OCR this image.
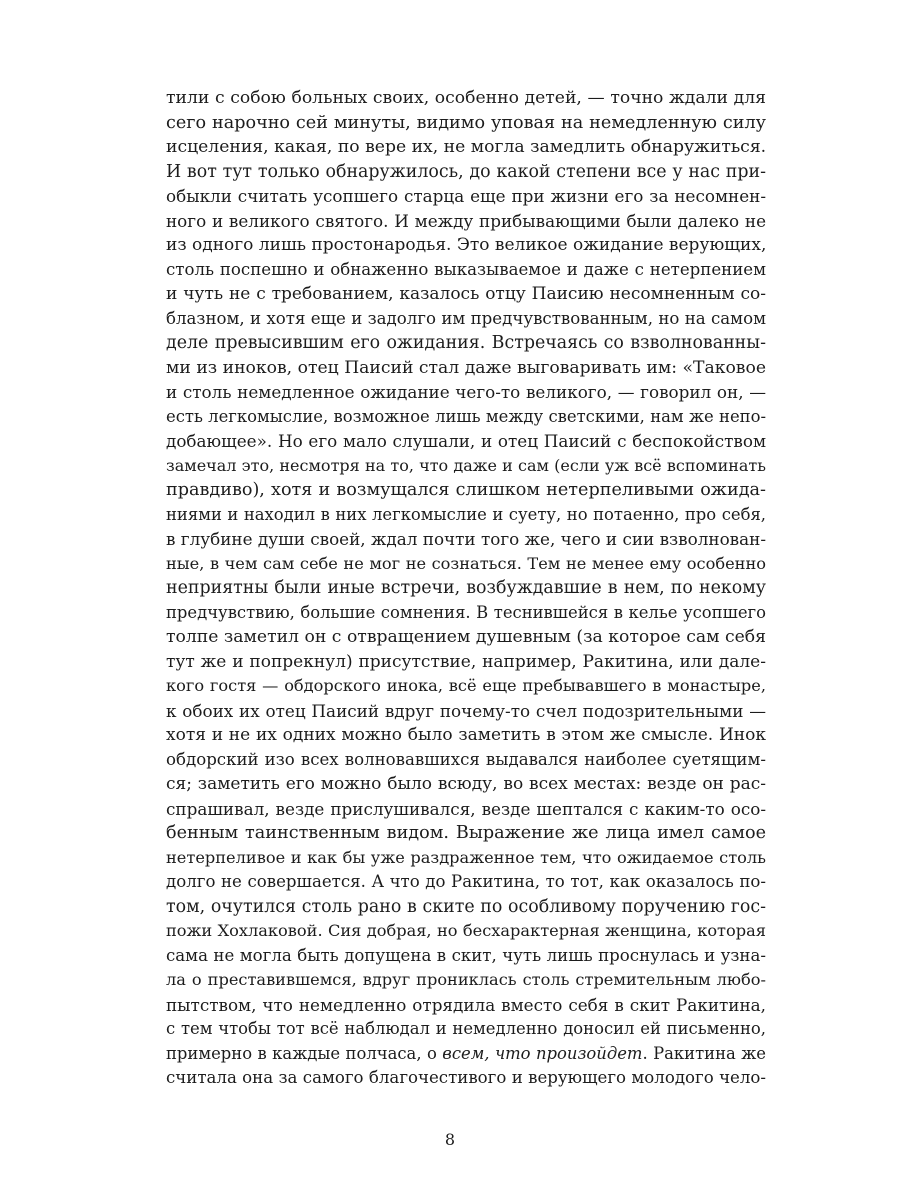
тили с собою больных своих, особенно детей, — точно ждали для
сего нарочно сей минуты, видимо уповая на немедленную силу
исцеления, какая, по вере их, не могла замедлить обнаружиться.
И вот тут только обнаружилось, до какой степени все у нас при-
обыкли считать усопшего старца еще при жизни его за несомнен-
ного и великого святого. И между прибывающими были далеко не
из одного лишь простонародья. Это великое ожидание верующих,
столь поспешно и обнаженно выказываемое и даже с нетерпением
и чуть не с требованием, казалось отцу Паисию несомненным со-
блазном, и хотя еще и задолго им предчувствованным, но на самом
деле превысившим его ожидания. Встречаясь со взволнованны-
ми из иноков, отец Паисий стал даже выговаривать им: «Таковое
и столь немедленное ожидание чего-то великого, — говорил он, —
есть легкомыслие, возможное лишь между светскими, нам же непо-
добающее». Но его мало слушали, и отец Паисий с беспокойством
замечал это, несмотря на то, что даже и сам (если уж всё вспоминать
правдиво), хотя и возмущался слишком нетерпеливыми ожида-
ниями и находил в них легкомыслие и суету, но потаенно, про себя,
в глубине души своей, ждал почти того же, чего и сии взволнован-
ные, в чем сам себе не мог не сознаться. Тем не менее ему особенно
неприятны были иные встречи, возбуждавшие в нем, по некому
предчувствию, большие сомнения. В теснившейся в келье усопшего
толпе заметил он с отвращением душевным (за которое сам себя
тут же и попрекнул) присутствие, например, Ракитина, или дале-
кого гостя — обдорского инока, всё еще пребывавшего в монастыре,
к обоих их отец Паисий вдруг почему-то счел подозрительными —
хотя и не их одних можно было заметить в этом же смысле. Инок
обдорский изо всех волновавшихся выдавался наиболее суетящим-
ся; заметить его можно было всюду, во всех местах: везде он рас-
спрашивал, везде прислушивался, везде шептался с каким-то осо-
бенным таинственным видом. Выражение же лица имел самое
нетерпеливое и как бы уже раздраженное тем, что ожидаемое столь
долго не совершается. А что до Ракитина, то тот, как оказалось по-
том, очутился столь рано в ските по особливому поручению гос-
пожи Хохлаковой. Сия добрая, но бесхарактерная женщина, которая
сама не могла быть допущена в скит, чуть лишь проснулась и узна-
ла о преставившемся, вдруг прониклась столь стремительным любо-
пытством, что немедленно отрядила вместо себя в скит Ракитина,
с тем чтобы тот всё наблюдал и немедленно доносил ей письменно,
примерно в каждые полчаса, о всем, что произойдет. Ракитина же
считала она за самого благочестивого и верующего молодого чело-
8
